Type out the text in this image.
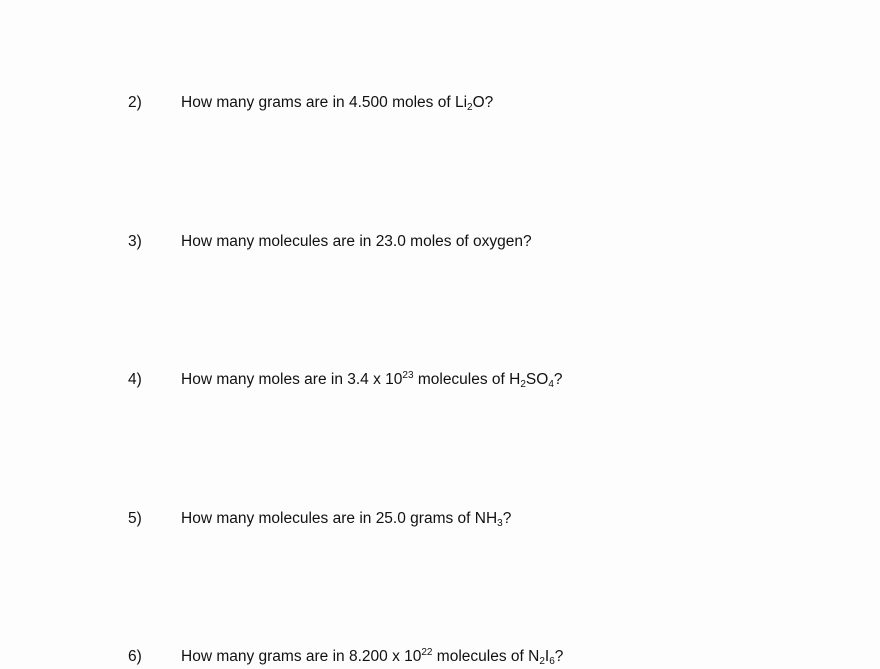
2)	How many grams are in 4.500 moles of $Li_2O$?
3)	How many molecules are in 23.0 moles of oxygen?
4)	How many moles are in 3.4 x $10^{23}$ molecules of $H_2SO_4$?
5)	How many molecules are in 25.0 grams of $NH_3$?
6)	How many grams are in 8.200 x $10^{22}$ molecules of $N_2I_6$?
